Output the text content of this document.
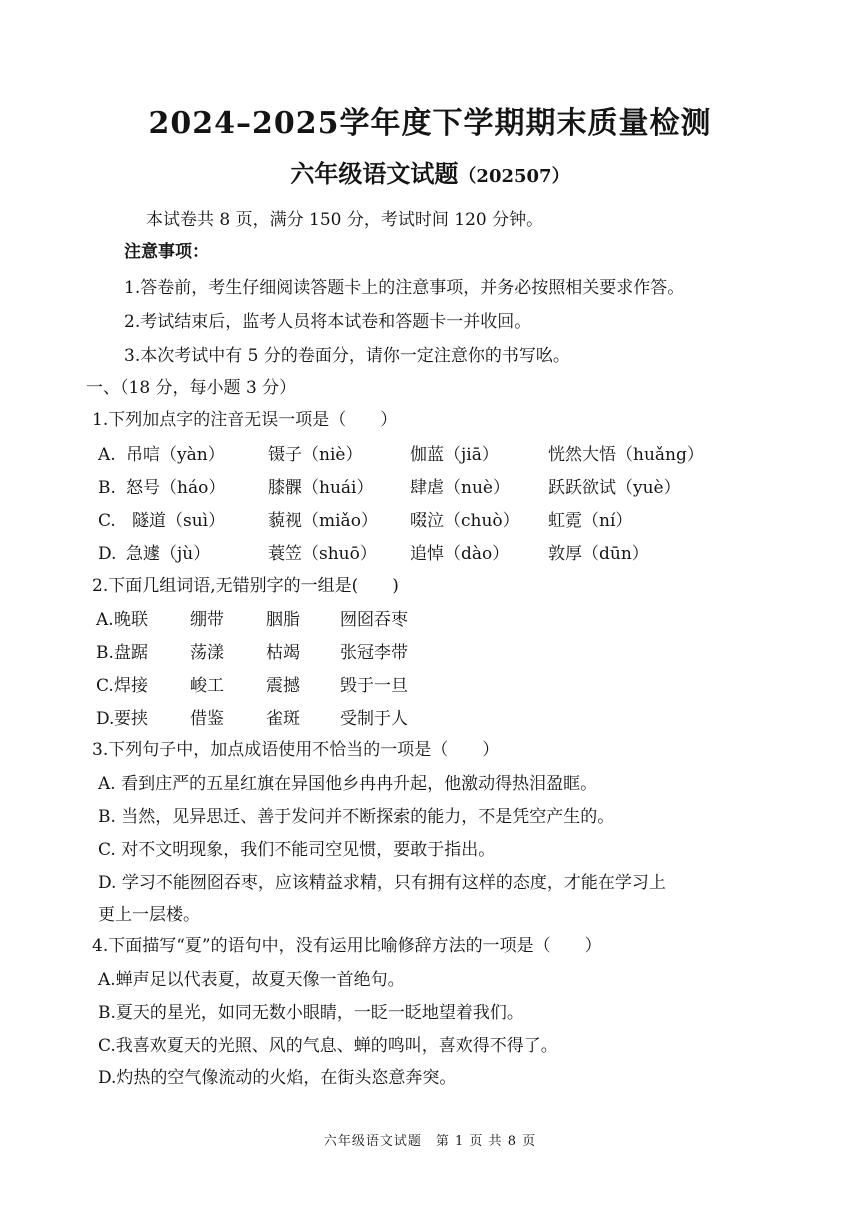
2024–2025学年度下学期期末质量检测
六年级语文试题（202507）
本试卷共 8 页，满分 150 分，考试时间 120 分钟。
注意事项：
1.答卷前，考生仔细阅读答题卡上的注意事项，并务必按照相关要求作答。
2.考试结束后，监考人员将本试卷和答题卡一并收回。
3.本次考试中有 5 分的卷面分，请你一定注意你的书写吆。
一、（18 分，每小题 3 分）
1.下列加点字的注音无误一项是（　　）
A. 吊唁（yàn）	镊子（niè）	伽蓝（jiā）	恍然大悟（huǎng）
B. 怒号（háo）	膝髁（huái） 肆虐（nuè） 跃跃欲试（yuè）
C. 隧道（suì）	藐视（miǎo） 啜泣（chuò） 虹霓（ní）
D. 急遽（jù）	蓑笠（shuō） 追悼（dào） 敦厚（dūn）
2.下面几组词语,无错别字的一组是(　　)
A. 晚联 绷带 胭脂 囫囵吞枣
B. 盘踞 荡漾 枯竭 张冠李带
C. 焊接 峻工 震撼 毁于一旦
D. 要挟 借鉴 雀斑 受制于人
3.下列句子中，加点成语使用不恰当的一项是（　　）
A. 看到庄严的五星红旗在异国他乡冉冉升起，他激动得热泪盈眶。
B. 当然，见异思迁、善于发问并不断探索的能力，不是凭空产生的。
C. 对不文明现象，我们不能司空见惯，要敢于指出。
D. 学习不能囫囵吞枣，应该精益求精，只有拥有这样的态度，才能在学习上
更上一层楼。
4.下面描写“夏”的语句中，没有运用比喻修辞方法的一项是（　　）
A.蝉声足以代表夏，故夏天像一首绝句。
B.夏天的星光，如同无数小眼睛，一眨一眨地望着我们。
C.我喜欢夏天的光照、风的气息、蝉的鸣叫，喜欢得不得了。
D.灼热的空气像流动的火焰，在街头恣意奔突。
六年级语文试题　第 1 页 共 8 页
